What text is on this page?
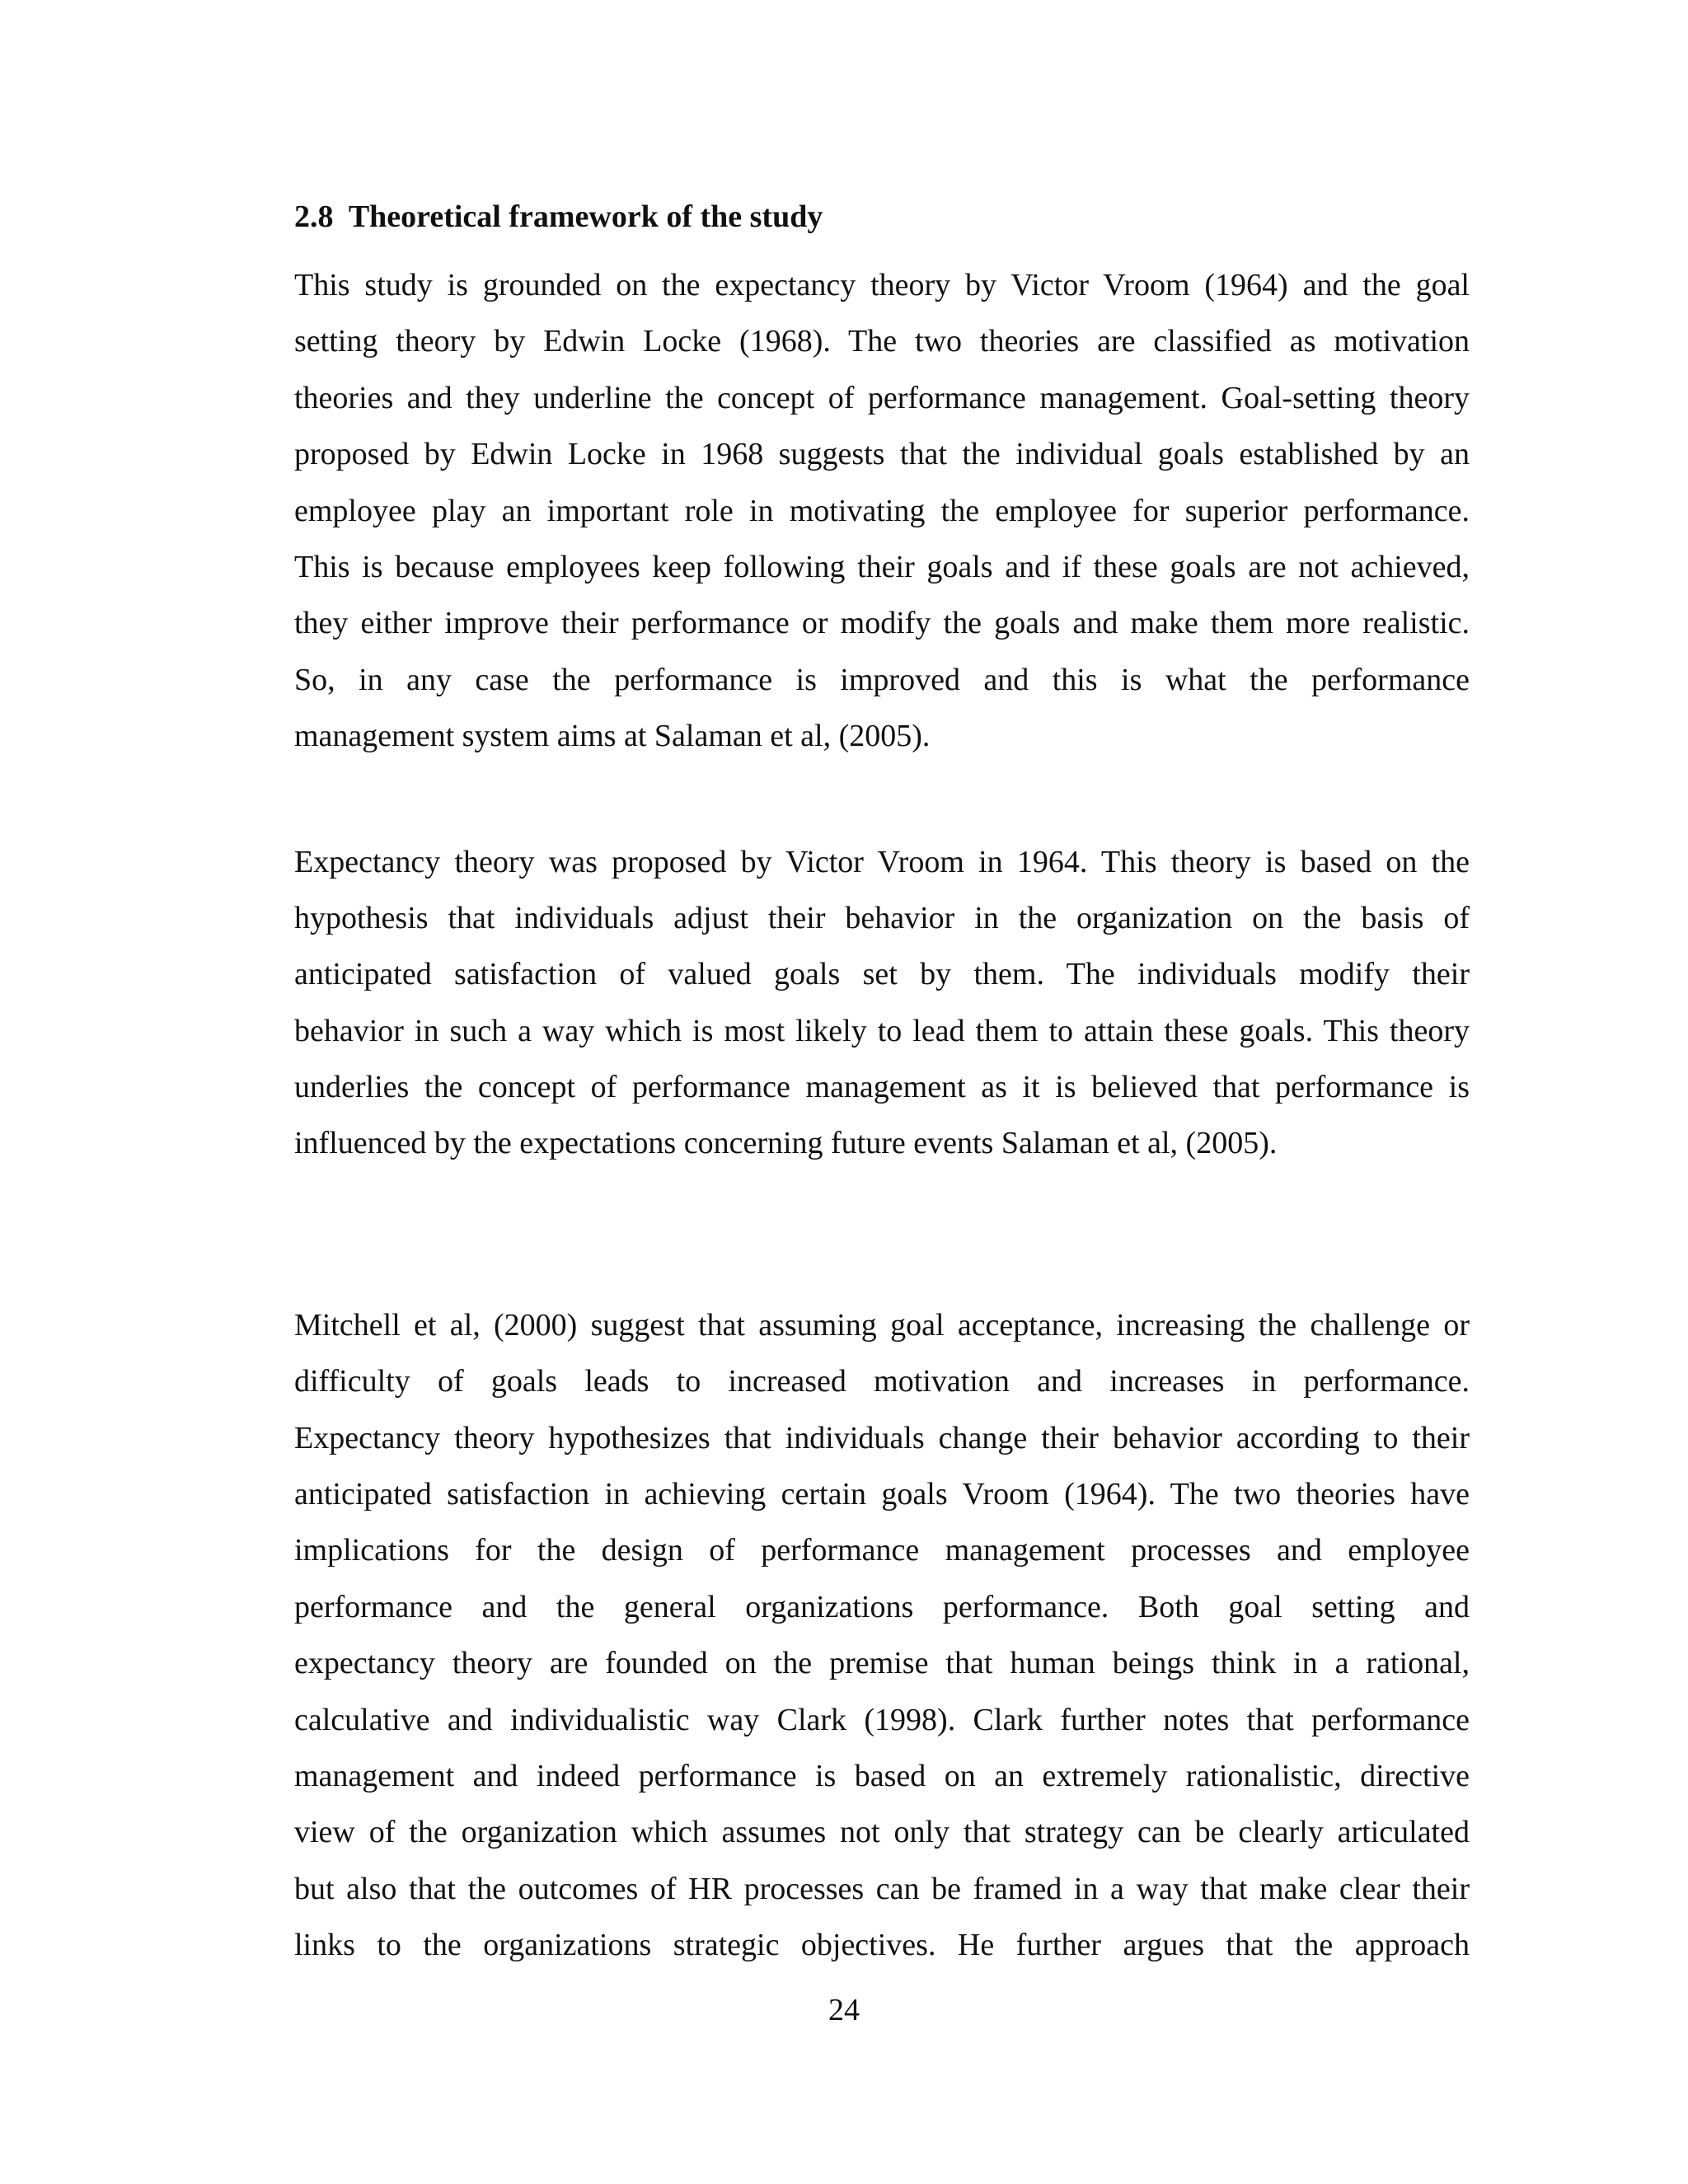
2.8  Theoretical framework of the study
This study is grounded on the expectancy theory by Victor Vroom (1964) and the goal
setting theory by Edwin Locke (1968). The two theories are classified as motivation
theories and they underline the concept of performance management. Goal-setting theory
proposed by Edwin Locke in 1968 suggests that the individual goals established by an
employee play an important role in motivating the employee for superior performance.
This is because employees keep following their goals and if these goals are not achieved,
they either improve their performance or modify the goals and make them more realistic.
So, in any case the performance is improved and this is what the performance
management system aims at Salaman et al, (2005).
Expectancy theory was proposed by Victor Vroom in 1964. This theory is based on the
hypothesis that individuals adjust their behavior in the organization on the basis of
anticipated satisfaction of valued goals set by them. The individuals modify their
behavior in such a way which is most likely to lead them to attain these goals. This theory
underlies the concept of performance management as it is believed that performance is
influenced by the expectations concerning future events Salaman et al, (2005).
Mitchell et al, (2000) suggest that assuming goal acceptance, increasing the challenge or
difficulty of goals leads to increased motivation and increases in performance.
Expectancy theory hypothesizes that individuals change their behavior according to their
anticipated satisfaction in achieving certain goals Vroom (1964). The two theories have
implications for the design of performance management processes and employee
performance and the general organizations performance. Both goal setting and
expectancy theory are founded on the premise that human beings think in a rational,
calculative and individualistic way Clark (1998). Clark further notes that performance
management and indeed performance is based on an extremely rationalistic, directive
view of the organization which assumes not only that strategy can be clearly articulated
but also that the outcomes of HR processes can be framed in a way that make clear their
links to the organizations strategic objectives. He further argues that the approach
24
